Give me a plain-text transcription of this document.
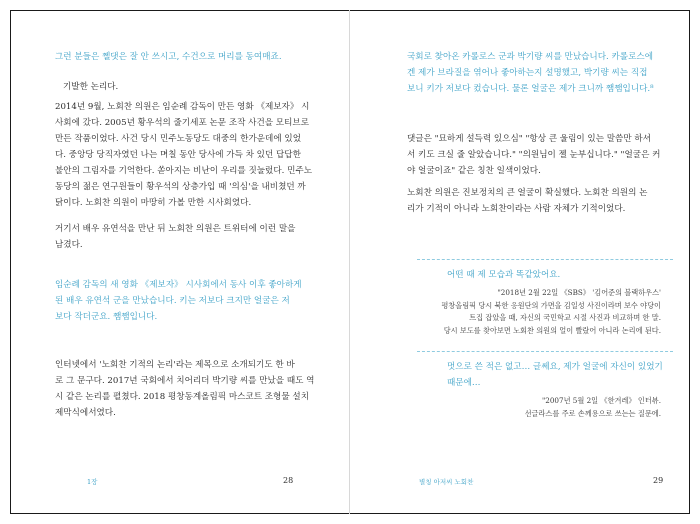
그런 분들은 쩰댓은 잘 안 쓰시고, 수건으로 머리를 동여매죠.
기발한 논리다.
2014년 9월, 노회찬 의원은 임순례 감독이 만든 영화 《제보자》 시
사회에 갔다. 2005년 황우석의 줄기세포 논문 조작 사건을 모티브로
만든 작품이었다. 사건 당시 민주노동당도 대중의 한가운데에 있었
다. 중앙당 당직자였던 나는 며칠 동안 당사에 가득 차 있던 답답한
불안의 그림자를 기억한다. 쏟아지는 비난이 우리를 짓눌렀다. 민주노
동당의 젊은 연구원들이 황우석의 상층가입 때 '의심'을 내비쳤던 까
닭이다. 노회찬 의원이 마땅히 가볼 만한 시사회였다.
거기서 배우 유연석을 만난 뒤 노회찬 의원은 트위터에 이런 말을
남겼다.
임순례 감독의 새 영화 《제보자》 시사회에서 동사 이후 좋아하게
된 배우 유연석 군을 만났습니다. 키는 저보다 크지만 얼굴은 저
보다 작더군요. 쨈쨈입니다.
인터넷에서 '노회찬 기적의 논리'라는 제목으로 소개되기도 한 바
로 그 문구다. 2017년 국회에서 치어리더 박기량 씨를 만났을 때도 역
시 같은 논리를 펼쳤다. 2018 평창동계올림픽 마스코트 조형물 설치
제막식에서였다.
1장	28
국회로 찾아온 카롤로스 군과 박기량 씨를 만났습니다. 카롤로스에
겐 제가 브라질을 엮어나 좋아하는지 설명했고, 박기량 씨는 직접
보니 키가 저보다 컸습니다. 물론 얼굴은 제가 크니까 쨈쨈입니다.⁸
댓글은 "묘하게 설득력 있으심" "항상 큰 울림이 있는 말씀만 하셔
서 키도 크실 줄 알았습니다." "의원님이 젤 눈부십니다." "얼굴은 커
야 얼굴이죠" 같은 칭찬 일색이었다.
노회찬 의원은 진보정치의 큰 얼굴이 확실했다. 노회찬 의원의 논
리가 기적이 아니라 노회찬이라는 사람 자체가 기적이었다.
어떤 때 제 모습과 똑같았어요.
"2018년 2월 22일 《SBS》 '김어준의 블랙하우스'
평창올림픽 당시 북한 응원단의 가면을 김일성 사진이라며 보수 야당이
트집 잡았을 때, 자신의 국민학교 시절 사진과 비교하며 한 말.
당시 보도를 찾아보면 노회찬 의원의 얼이 빨랐어 아니라 논리에 된다.
멋으로 쓴 적은 없고… 글쎄요, 제가 얼굴에 자신이 있었기
때문에…
"2007년 5월 2일 《한겨레》 인터뷰.
선글라스를 주로 손께용으로 쓰는는 질문에.
별칭 아저씨 노회찬	29
